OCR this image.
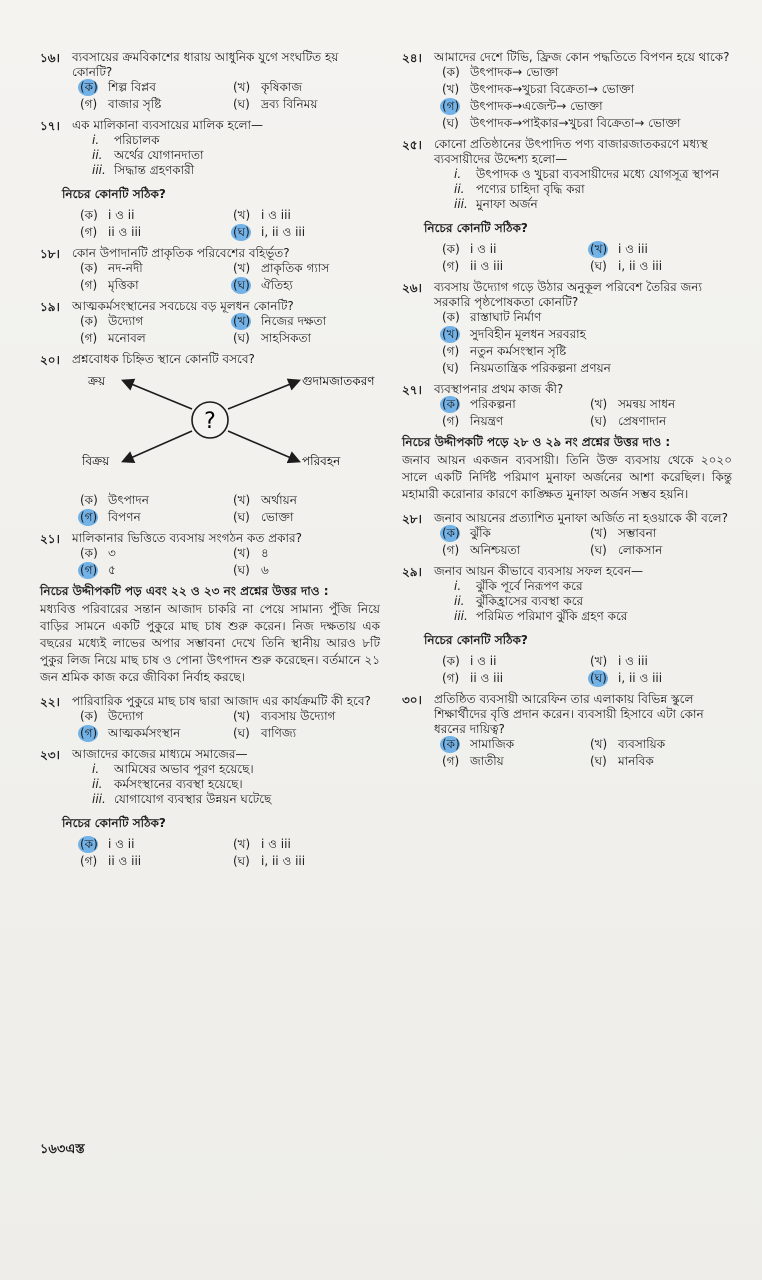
১৬।	ব্যবসায়ের ক্রমবিকাশের ধারায় আধুনিক যুগে সংঘটিত হয় কোনটি?
(ক) শিল্প বিপ্লব	(খ) কৃষিকাজ
(গ) বাজার সৃষ্টি	(ঘ) দ্রব্য বিনিময়
১৭।	এক মালিকানা ব্যবসায়ের মালিক হলো—
i. পরিচালক
ii. অর্থের যোগানদাতা
iii. সিদ্ধান্ত গ্রহণকারী
নিচের কোনটি সঠিক?
(ক) i ও ii	(খ) i ও iii
(গ) ii ও iii	(ঘ) i, ii ও iii
১৮।	কোন উপাদানটি প্রাকৃতিক পরিবেশের বহির্ভূত?
(ক) নদ-নদী	(খ) প্রাকৃতিক গ্যাস
(গ) মৃত্তিকা	(ঘ) ঐতিহ্য
১৯।	আত্মকর্মসংস্থানের সবচেয়ে বড় মূলধন কোনটি?
(ক) উদ্যোগ	(খ) নিজের দক্ষতা
(গ) মনোবল	(ঘ) সাহসিকতা
২০।	প্রশ্নবোধক চিহ্নিত স্থানে কোনটি বসবে?
?
ক্রয়	গুদামজাতকরণ
বিক্রয়	পরিবহন
(ক) উৎপাদন	(খ) অর্থায়ন
(গ) বিপণন	(ঘ) ভোক্তা
২১।	মালিকানার ভিত্তিতে ব্যবসায় সংগঠন কত প্রকার?
(ক) ৩	(খ) ৪
(গ) ৫	(ঘ) ৬
নিচের উদ্দীপকটি পড় এবং ২২ ও ২৩ নং প্রশ্নের উত্তর দাও :
মধ্যবিত্ত পরিবারের সন্তান আজাদ চাকরি না পেয়ে সামান্য পুঁজি নিয়ে বাড়ির সামনে একটি পুকুরে মাছ চাষ শুরু করেন। নিজ দক্ষতায় এক বছরের মধ্যেই লাভের অপার সম্ভাবনা দেখে তিনি স্থানীয় আরও ৮টি পুকুর লিজ নিয়ে মাছ চাষ ও পোনা উৎপাদন শুরু করেছেন। বর্তমানে ২১ জন শ্রমিক কাজ করে জীবিকা নির্বাহ করছে।
২২।	পারিবারিক পুকুরে মাছ চাষ দ্বারা আজাদ এর কার্যক্রমটি কী হবে?
(ক) উদ্যোগ	(খ) ব্যবসায় উদ্যোগ
(গ) আত্মকর্মসংস্থান	(ঘ) বাণিজ্য
২৩।	আজাদের কাজের মাধ্যমে সমাজের—
i. আমিষের অভাব পূরণ হয়েছে।
ii. কর্মসংস্থানের ব্যবস্থা হয়েছে।
iii. যোগাযোগ ব্যবস্থার উন্নয়ন ঘটেছে
নিচের কোনটি সঠিক?
(ক) i ও ii	(খ) i ও iii
(গ) ii ও iii	(ঘ) i, ii ও iii
২৪।	আমাদের দেশে টিভি, ফ্রিজ কোন পদ্ধতিতে বিপণন হয়ে থাকে?
(ক) উৎপাদক→ ভোক্তা
(খ) উৎপাদক→খুচরা বিক্রেতা→ ভোক্তা
(গ) উৎপাদক→এজেন্ট→ ভোক্তা
(ঘ) উৎপাদক→পাইকার→খুচরা বিক্রেতা→ ভোক্তা
২৫।	কোনো প্রতিষ্ঠানের উৎপাদিত পণ্য বাজারজাতকরণে মধ্যস্থ ব্যবসায়ীদের উদ্দেশ্য হলো—
i. উৎপাদক ও খুচরা ব্যবসায়ীদের মধ্যে যোগসূত্র স্থাপন
ii. পণ্যের চাহিদা বৃদ্ধি করা
iii. মুনাফা অর্জন
নিচের কোনটি সঠিক?
(ক) i ও ii	(খ) i ও iii
(গ) ii ও iii	(ঘ) i, ii ও iii
২৬।	ব্যবসায় উদ্যোগ গড়ে উঠার অনুকূল পরিবেশ তৈরির জন্য সরকারি পৃষ্ঠপোষকতা কোনটি?
(ক) রাস্তাঘাট নির্মাণ
(খ) সুদবিহীন মূলধন সরবরাহ
(গ) নতুন কর্মসংস্থান সৃষ্টি
(ঘ) নিয়মতান্ত্রিক পরিকল্পনা প্রণয়ন
২৭।	ব্যবস্থাপনার প্রথম কাজ কী?
(ক) পরিকল্পনা	(খ) সমন্বয় সাধন
(গ) নিয়ন্ত্রণ	(ঘ) প্রেষণাদান
নিচের উদ্দীপকটি পড়ে ২৮ ও ২৯ নং প্রশ্নের উত্তর দাও :
জনাব আয়ন একজন ব্যবসায়ী। তিনি উক্ত ব্যবসায় থেকে ২০২০ সালে একটি নির্দিষ্ট পরিমাণ মুনাফা অর্জনের আশা করেছিল। কিন্তু মহামারী করোনার কারণে কাঙ্ক্ষিত মুনাফা অর্জন সম্ভব হয়নি।
২৮।	জনাব আয়নের প্রত্যাশিত মুনাফা অর্জিত না হওয়াকে কী বলে?
(ক) ঝুঁকি	(খ) সম্ভাবনা
(গ) অনিশ্চয়তা	(ঘ) লোকসান
২৯।	জনাব আয়ন কীভাবে ব্যবসায় সফল হবেন—
i. ঝুঁকি পূর্বে নিরূপণ করে
ii. ঝুঁকিহ্রাসের ব্যবস্থা করে
iii. পরিমিত পরিমাণ ঝুঁকি গ্রহণ করে
নিচের কোনটি সঠিক?
(ক) i ও ii	(খ) i ও iii
(গ) ii ও iii	(ঘ) i, ii ও iii
৩০।	প্রতিষ্ঠিত ব্যবসায়ী আরেফিন তার এলাকায় বিভিন্ন স্কুলে শিক্ষার্থীদের বৃত্তি প্রদান করেন। ব্যবসায়ী হিসাবে এটা কোন ধরনের দায়িত্ব?
(ক) সামাজিক	(খ) ব্যবসায়িক
(গ) জাতীয়	(ঘ) মানবিক
১৬৩এস্ত
